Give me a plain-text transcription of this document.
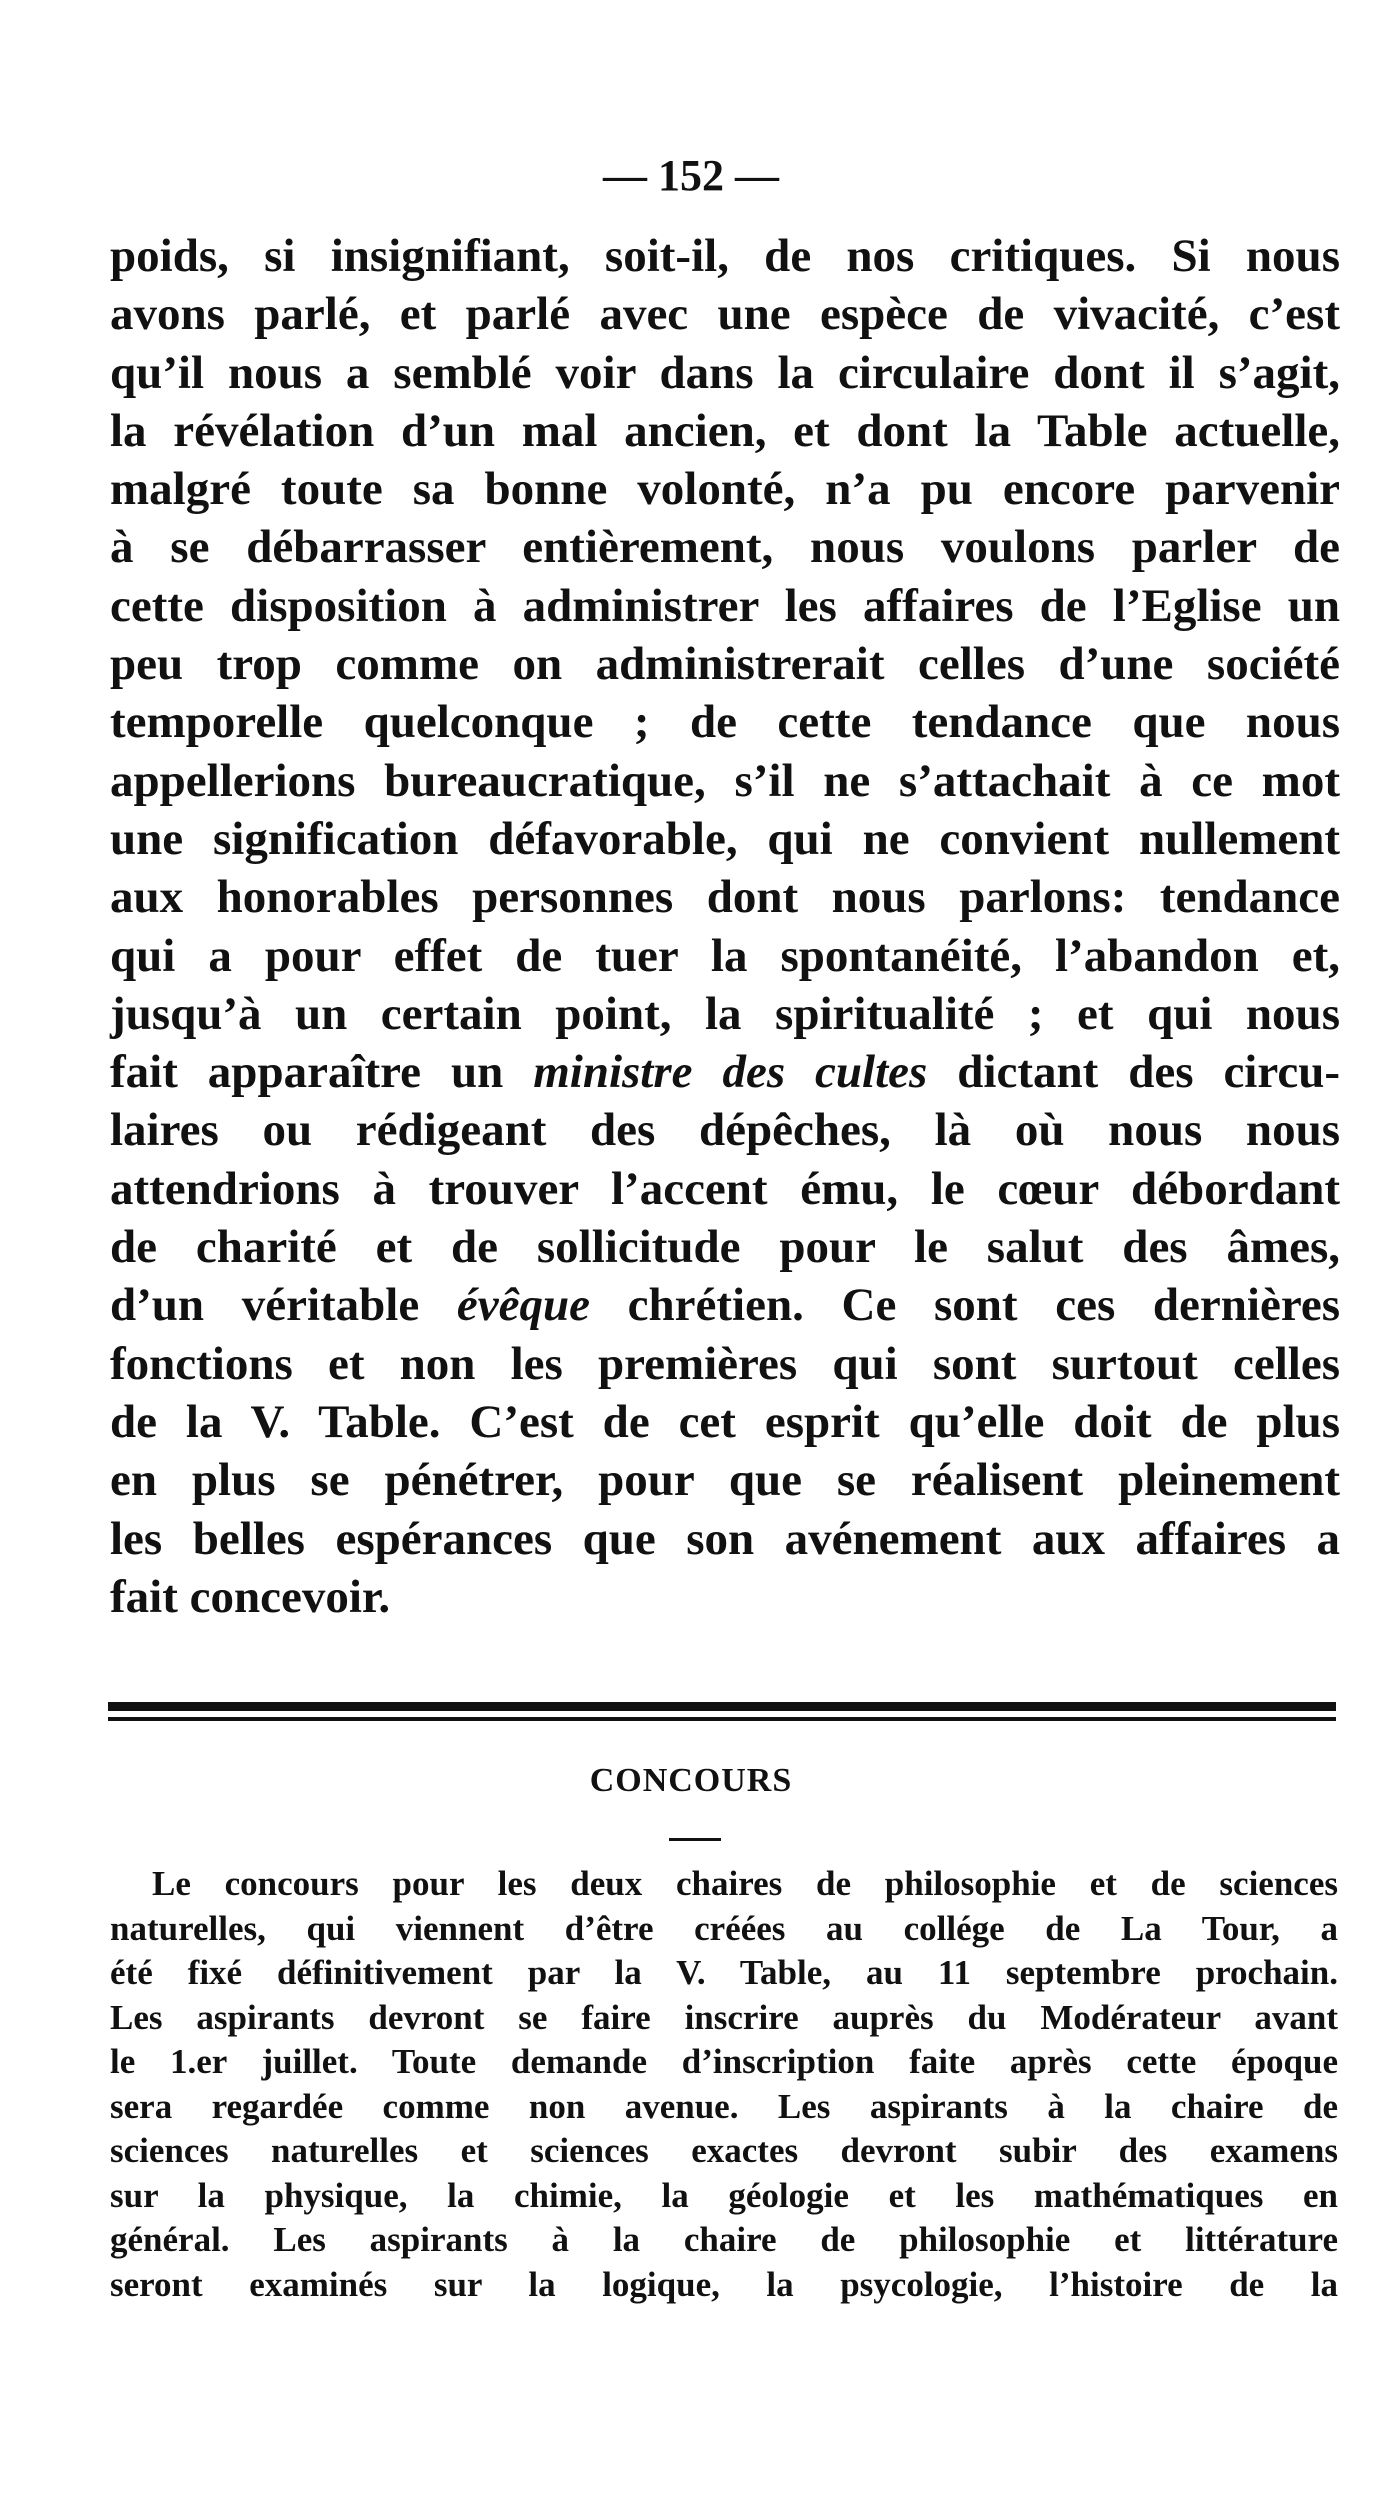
— 152 —
poids, si insignifiant, soit-il, de nos critiques. Si nous
avons parlé, et parlé avec une espèce de vivacité, c’est
qu’il nous a semblé voir dans la circulaire dont il s’agit,
la révélation d’un mal ancien, et dont la Table actuelle,
malgré toute sa bonne volonté, n’a pu encore parvenir
à se débarrasser entièrement, nous voulons parler de
cette disposition à administrer les affaires de l’Eglise un
peu trop comme on administrerait celles d’une société
temporelle quelconque ; de cette tendance que nous
appellerions bureaucratique, s’il ne s’attachait à ce mot
une signification défavorable, qui ne convient nullement
aux honorables personnes dont nous parlons: tendance
qui a pour effet de tuer la spontanéité, l’abandon et,
jusqu’à un certain point, la spiritualité ; et qui nous
fait apparaître un ministre des cultes dictant des circu-
laires ou rédigeant des dépêches, là où nous nous
attendrions à trouver l’accent ému, le cœur débordant
de charité et de sollicitude pour le salut des âmes,
d’un véritable évêque chrétien. Ce sont ces dernières
fonctions et non les premières qui sont surtout celles
de la V. Table. C’est de cet esprit qu’elle doit de plus
en plus se pénétrer, pour que se réalisent pleinement
les belles espérances que son avénement aux affaires a
fait concevoir.
CONCOURS
Le concours pour les deux chaires de philosophie et de sciences
naturelles, qui viennent d’être créées au collége de La Tour, a
été fixé définitivement par la V. Table, au 11 septembre prochain.
Les aspirants devront se faire inscrire auprès du Modérateur avant
le 1.er juillet. Toute demande d’inscription faite après cette époque
sera regardée comme non avenue. Les aspirants à la chaire de
sciences naturelles et sciences exactes devront subir des examens
sur la physique, la chimie, la géologie et les mathématiques en
général. Les aspirants à la chaire de philosophie et littérature
seront examinés sur la logique, la psycologie, l’histoire de la
